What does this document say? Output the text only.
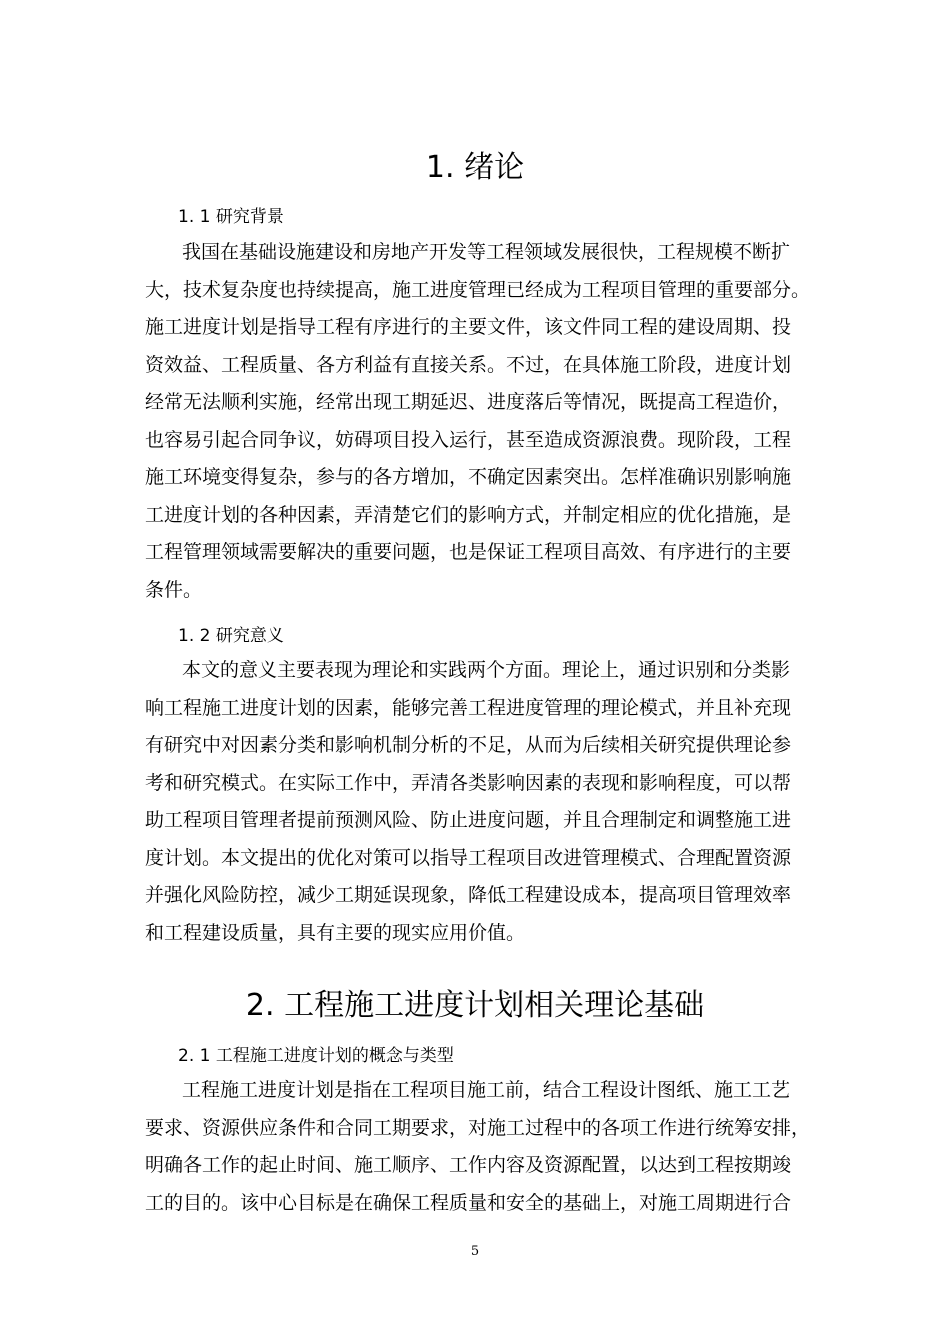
1. 绪论
1. 1 研究背景
我国在基础设施建设和房地产开发等工程领域发展很快，工程规模不断扩
大，技术复杂度也持续提高，施工进度管理已经成为工程项目管理的重要部分。
施工进度计划是指导工程有序进行的主要文件，该文件同工程的建设周期、投
资效益、工程质量、各方利益有直接关系。不过，在具体施工阶段，进度计划
经常无法顺利实施，经常出现工期延迟、进度落后等情况，既提高工程造价，
也容易引起合同争议，妨碍项目投入运行，甚至造成资源浪费。现阶段，工程
施工环境变得复杂，参与的各方增加，不确定因素突出。怎样准确识别影响施
工进度计划的各种因素，弄清楚它们的影响方式，并制定相应的优化措施，是
工程管理领域需要解决的重要问题，也是保证工程项目高效、有序进行的主要
条件。
1. 2 研究意义
本文的意义主要表现为理论和实践两个方面。理论上，通过识别和分类影
响工程施工进度计划的因素，能够完善工程进度管理的理论模式，并且补充现
有研究中对因素分类和影响机制分析的不足，从而为后续相关研究提供理论参
考和研究模式。在实际工作中，弄清各类影响因素的表现和影响程度，可以帮
助工程项目管理者提前预测风险、防止进度问题，并且合理制定和调整施工进
度计划。本文提出的优化对策可以指导工程项目改进管理模式、合理配置资源
并强化风险防控，减少工期延误现象，降低工程建设成本，提高项目管理效率
和工程建设质量，具有主要的现实应用价值。
2. 工程施工进度计划相关理论基础
2. 1 工程施工进度计划的概念与类型
工程施工进度计划是指在工程项目施工前，结合工程设计图纸、施工工艺
要求、资源供应条件和合同工期要求，对施工过程中的各项工作进行统筹安排，
明确各工作的起止时间、施工顺序、工作内容及资源配置，以达到工程按期竣
工的目的。该中心目标是在确保工程质量和安全的基础上，对施工周期进行合
5
